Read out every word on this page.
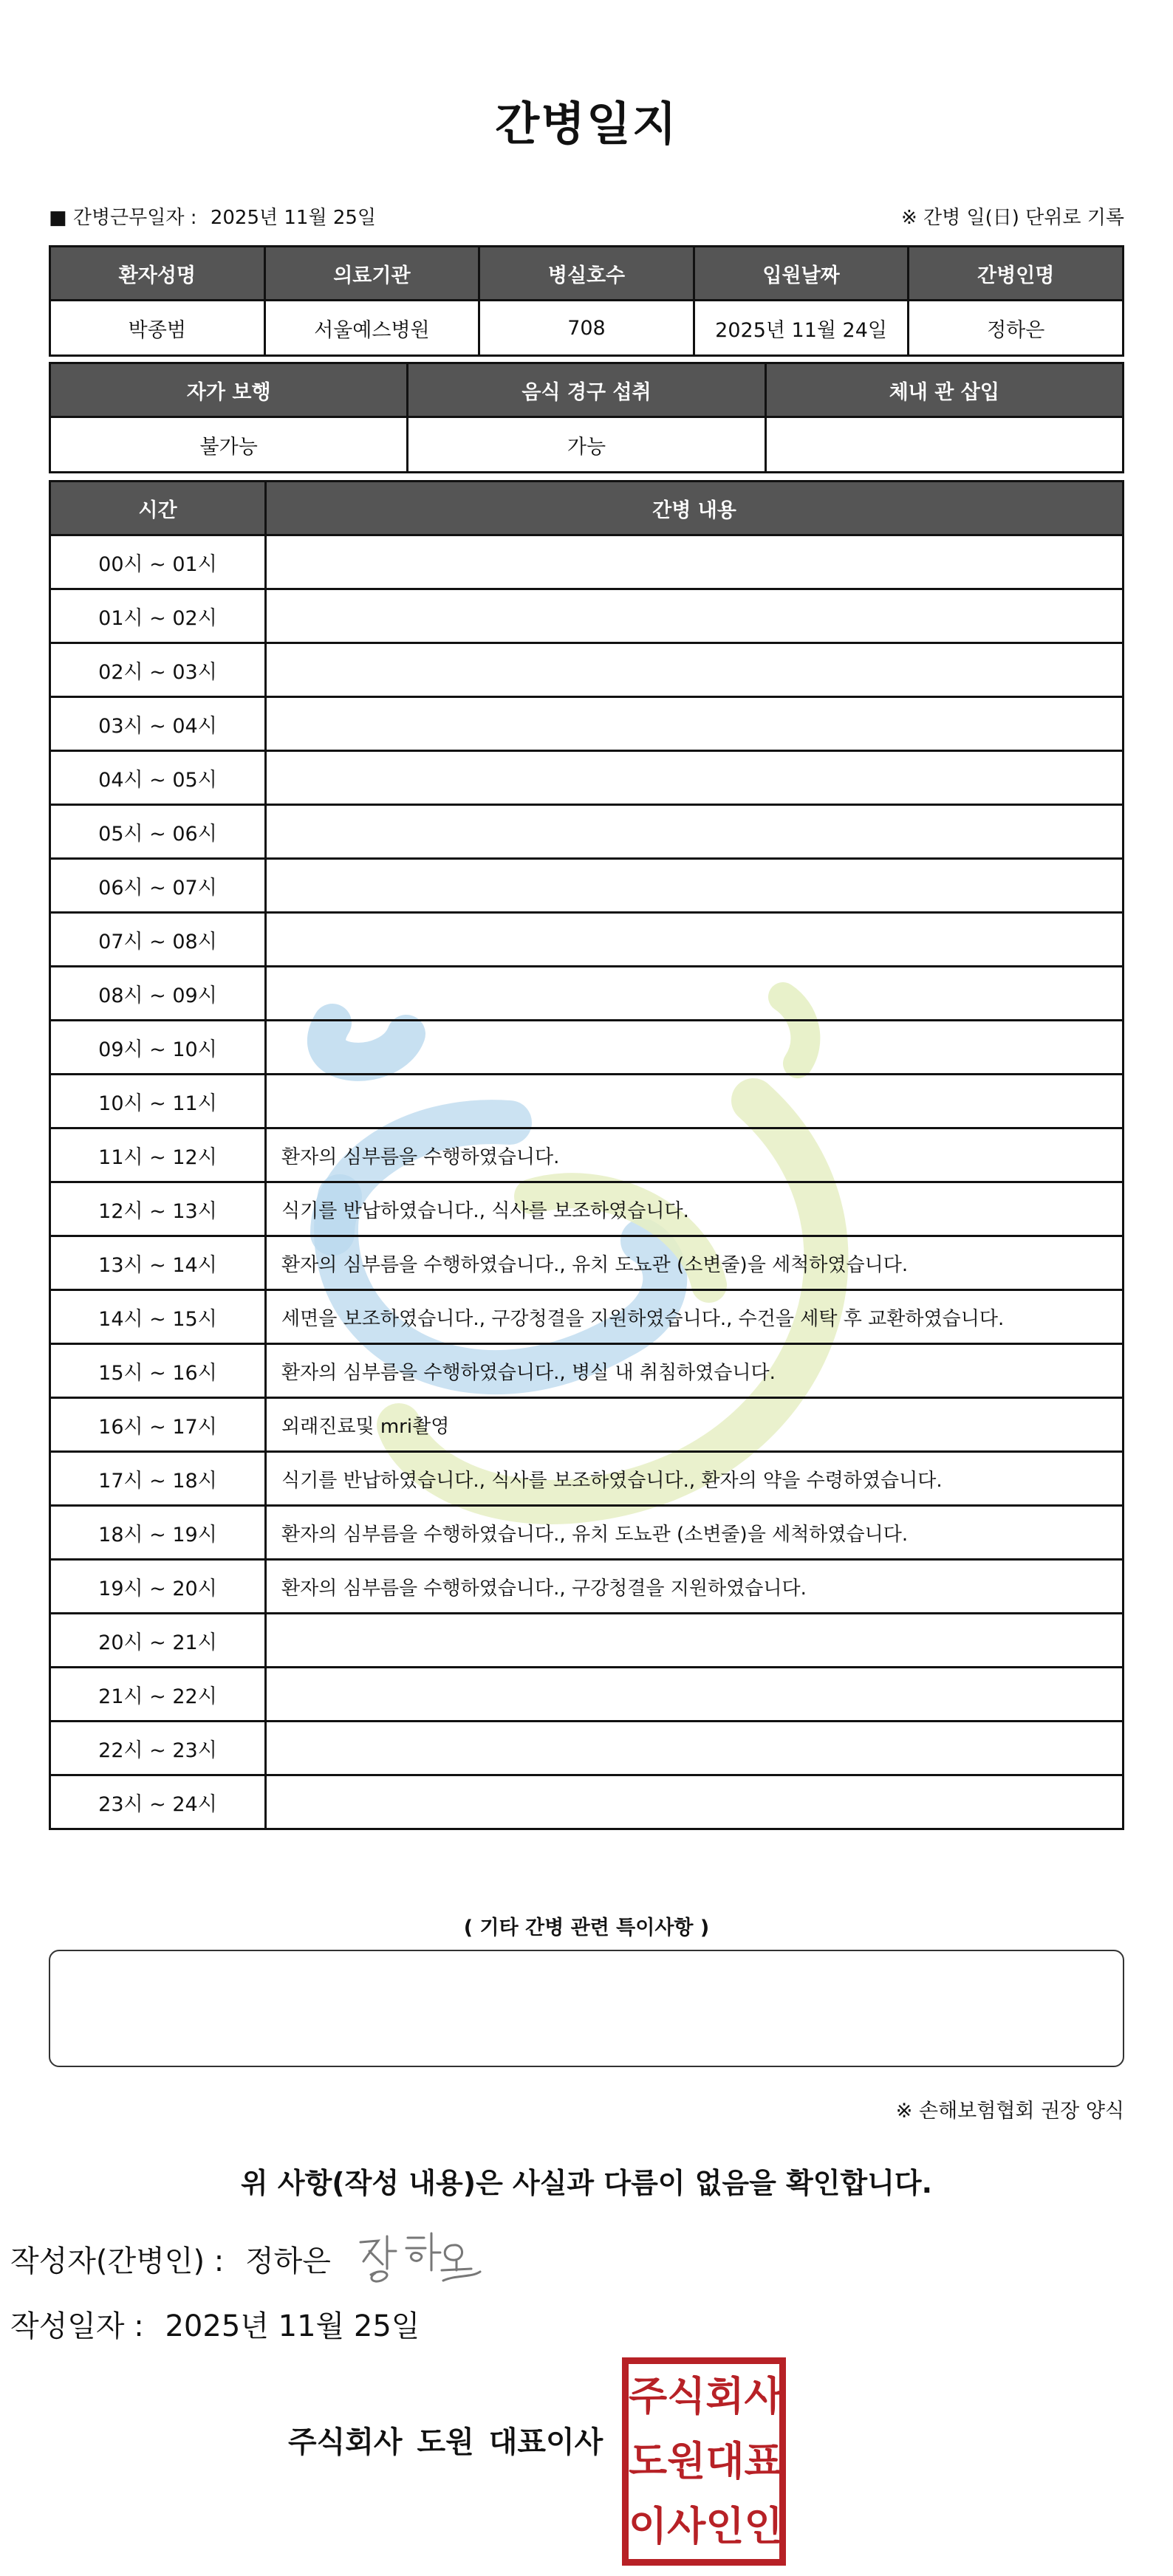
간병일지
■ 간병근무일자 : 2025년 11월 25일	※ 간병 일(日) 단위로 기록
환자성명	의료기관	병실호수	입원날짜	간병인명
박종범	서울예스병원	708	2025년 11월 24일	정하은
자가 보행	음식 경구 섭취	체내 관 삽입
불가능	가능	
시간	간병 내용
00시 ~ 01시	
01시 ~ 02시	
02시 ~ 03시	
03시 ~ 04시	
04시 ~ 05시	
05시 ~ 06시	
06시 ~ 07시	
07시 ~ 08시	
08시 ~ 09시	
09시 ~ 10시	
10시 ~ 11시	
11시 ~ 12시	환자의 심부름을 수행하였습니다.
12시 ~ 13시	식기를 반납하였습니다., 식사를 보조하였습니다.
13시 ~ 14시	환자의 심부름을 수행하였습니다., 유치 도뇨관 (소변줄)을 세척하였습니다.
14시 ~ 15시	세면을 보조하였습니다., 구강청결을 지원하였습니다., 수건을 세탁 후 교환하였습니다.
15시 ~ 16시	환자의 심부름을 수행하였습니다., 병실 내 취침하였습니다.
16시 ~ 17시	외래진료및 mri촬영
17시 ~ 18시	식기를 반납하였습니다., 식사를 보조하였습니다., 환자의 약을 수령하였습니다.
18시 ~ 19시	환자의 심부름을 수행하였습니다., 유치 도뇨관 (소변줄)을 세척하였습니다.
19시 ~ 20시	환자의 심부름을 수행하였습니다., 구강청결을 지원하였습니다.
20시 ~ 21시	
21시 ~ 22시	
22시 ~ 23시	
23시 ~ 24시	
( 기타 간병 관련 특이사항 )
※ 손해보험협회 권장 양식
위 사항(작성 내용)은 사실과 다름이 없음을 확인합니다.
작성자(간병인) : 정하은
작성일자 : 2025년 11월 25일
주식회사 도원 대표이사
주 식 회 사
도 원 대 표
이 사 인 인
